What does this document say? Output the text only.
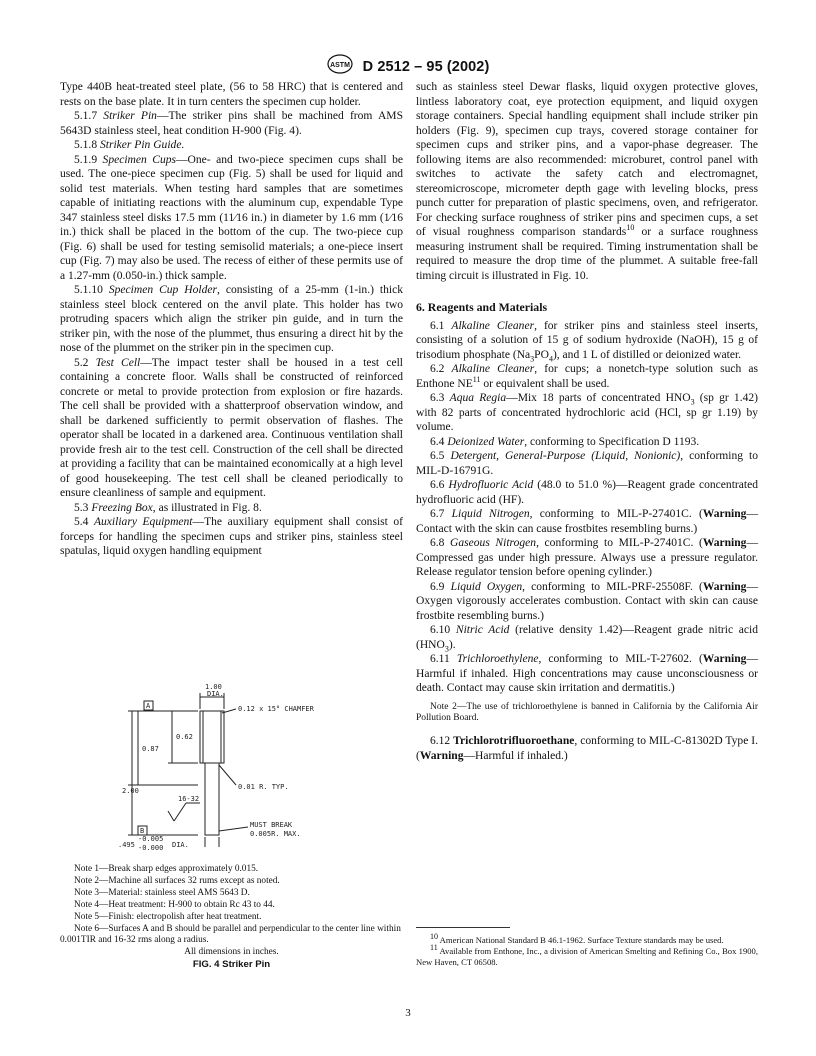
ASTM D 2512 – 95 (2002)

Type 440B heat-treated steel plate, (56 to 58 HRC) that is centered and rests on the base plate. It in turn centers the specimen cup holder.

5.1.7 Striker Pin—The striker pins shall be machined from AMS 5643D stainless steel, heat condition H-900 (Fig. 4).

5.1.8 Striker Pin Guide.

5.1.9 Specimen Cups—One- and two-piece specimen cups shall be used. The one-piece specimen cup (Fig. 5) shall be used for liquid and solid test materials. When testing hard samples that are sometimes capable of initiating reactions with the aluminum cup, expendable Type 347 stainless steel disks 17.5 mm (11⁄16 in.) in diameter by 1.6 mm (1⁄16 in.) thick shall be placed in the bottom of the cup. The two-piece cup (Fig. 6) shall be used for testing semisolid materials; a one-piece insert cup (Fig. 7) may also be used. The recess of either of these permits use of a 1.27-mm (0.050-in.) thick sample.

5.1.10 Specimen Cup Holder, consisting of a 25-mm (1-in.) thick stainless steel block centered on the anvil plate. This holder has two protruding spacers which align the striker pin guide, and in turn the striker pin, with the nose of the plummet, thus ensuring a direct hit by the nose of the plummet on the striker pin in the specimen cup.

5.2 Test Cell—The impact tester shall be housed in a test cell containing a concrete floor. Walls shall be constructed of reinforced concrete or metal to provide protection from explosion or fire hazards. The cell shall be provided with a shatterproof observation window, and shall be darkened sufficiently to permit observation of flashes. The operator shall be located in a darkened area. Continuous ventilation shall provide fresh air to the test cell. Construction of the cell shall be directed at providing a facility that can be maintained economically at a high level of good housekeeping. The test cell shall be cleaned periodically to ensure cleanliness of sample and equipment.

5.3 Freezing Box, as illustrated in Fig. 8.

5.4 Auxiliary Equipment—The auxiliary equipment shall consist of forceps for handling the specimen cups and striker pins, stainless steel spatulas, liquid oxygen handling equipment

1.00
DIA.
0.12 x 15° CHAMFER
A
0.87
0.62
2.00	0.01 R. TYP.
16-32
B
MUST BREAK
0.005R. MAX.
.495
-0.005
-0.000 DIA.

Note 1—Break sharp edges approximately 0.015.

Note 2—Machine all surfaces 32 rums except as noted.

Note 3—Material: stainless steel AMS 5643 D.

Note 4—Heat treatment: H-900 to obtain Rc 43 to 44.

Note 5—Finish: electropolish after heat treatment.

Note 6—Surfaces A and B should be parallel and perpendicular to the center line within 0.001TIR and 16-32 rms along a radius.

All dimensions in inches.

FIG. 4 Striker Pin

such as stainless steel Dewar flasks, liquid oxygen protective gloves, lintless laboratory coat, eye protection equipment, and liquid oxygen storage containers. Special handling equipment shall include striker pin holders (Fig. 9), specimen cup trays, covered storage container for specimen cups and striker pins, and a vapor-phase degreaser. The following items are also recommended: microburet, control panel with switches to activate the safety catch and electromagnet, stereomicroscope, micrometer depth gage with leveling blocks, press punch cutter for preparation of plastic specimens, oven, and refrigerator. For checking surface roughness of striker pins and specimen cups, a set of visual roughness comparison standards$^{10}$ or a surface roughness measuring instrument shall be required. Timing instrumentation shall be required to measure the drop time of the plummet. A suitable free-fall timing circuit is illustrated in Fig. 10.

6. Reagents and Materials

6.1 Alkaline Cleaner, for striker pins and stainless steel inserts, consisting of a solution of 15 g of sodium hydroxide (NaOH), 15 g of trisodium phosphate $(Na_3PO_4)$, and 1 L of distilled or deionized water.

6.2 Alkaline Cleaner, for cups; a nonetch-type solution such as Enthone NE$^{11}$ or equivalent shall be used.

6.3 Aqua Regia—Mix 18 parts of concentrated $HNO_3$ (sp gr 1.42) with 82 parts of concentrated hydrochloric acid (HCl, sp gr 1.19) by volume.

6.4 Deionized Water, conforming to Specification D 1193.

6.5 Detergent, General-Purpose (Liquid, Nonionic), conforming to MIL-D-16791G.

6.6 Hydrofluoric Acid (48.0 to 51.0 %)—Reagent grade concentrated hydrofluoric acid (HF).

6.7 Liquid Nitrogen, conforming to MIL-P-27401C. (Warning—Contact with the skin can cause frostbites resembling burns.)

6.8 Gaseous Nitrogen, conforming to MIL-P-27401C. (Warning—Compressed gas under high pressure. Always use a pressure regulator. Release regulator tension before opening cylinder.)

6.9 Liquid Oxygen, conforming to MIL-PRF-25508F. (Warning—Oxygen vigorously accelerates combustion. Contact with skin can cause frostbite resembling burns.)

6.10 Nitric Acid (relative density 1.42)—Reagent grade nitric acid $(HNO_3)$.

6.11 Trichloroethylene, conforming to MIL-T-27602. (Warning—Harmful if inhaled. High concentrations may cause unconsciousness or death. Contact may cause skin irritation and dermatitis.)

Note 2—The use of trichloroethylene is banned in California by the California Air Pollution Board.

6.12 Trichlorotrifluoroethane, conforming to MIL-C-81302D Type I. (Warning—Harmful if inhaled.)

$^{10}$ American National Standard B 46.1-1962. Surface Texture standards may be used.

$^{11}$ Available from Enthone, Inc., a division of American Smelting and Refining Co., Box 1900, New Haven, CT 06508.

3
